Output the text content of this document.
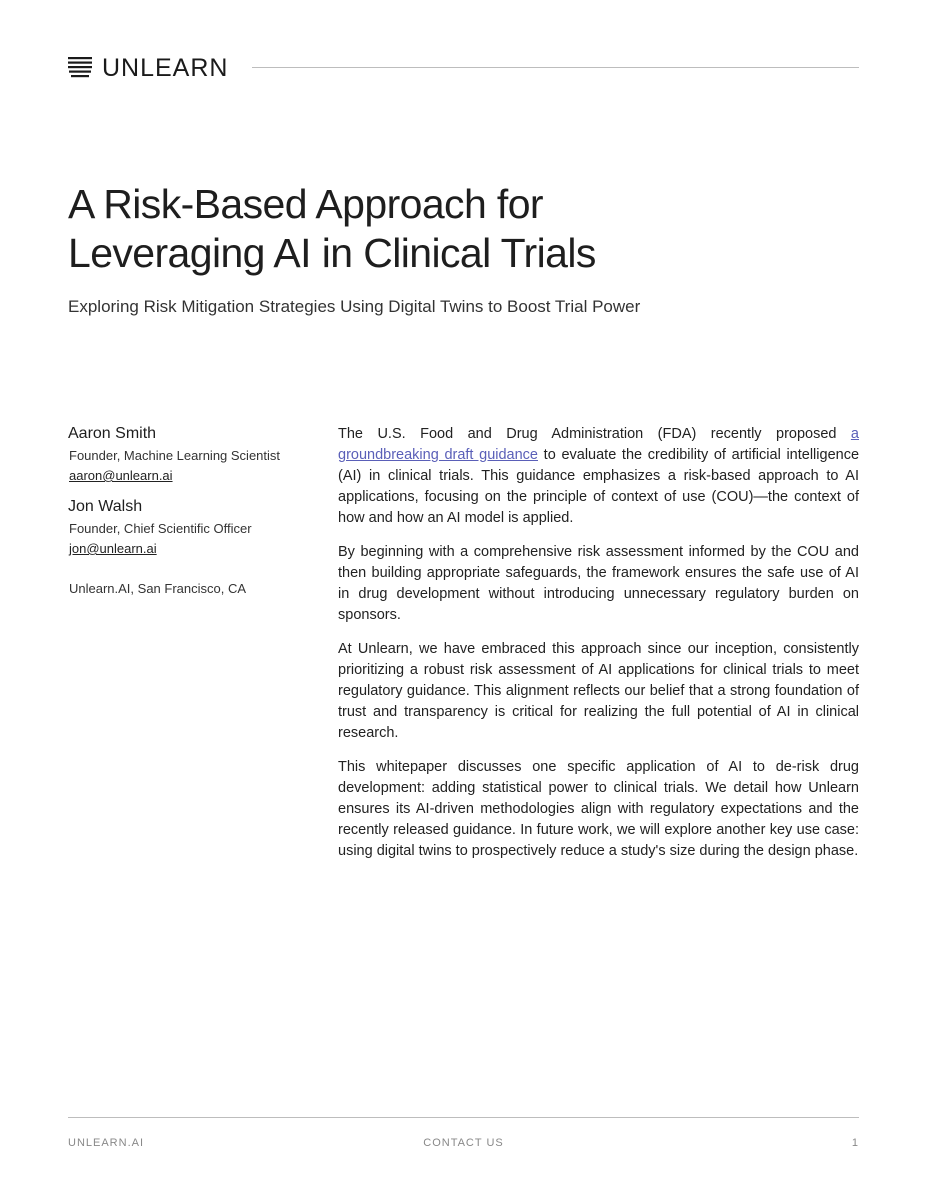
UNLEARN
A Risk-Based Approach for
Leveraging AI in Clinical Trials

Exploring Risk Mitigation Strategies Using Digital Twins to Boost Trial Power

Aaron Smith
Founder, Machine Learning Scientist
aaron@unlearn.ai
Jon Walsh
Founder, Chief Scientific Officer
jon@unlearn.ai
Unlearn.AI, San Francisco, CA

The U.S. Food and Drug Administration (FDA) recently proposed a groundbreaking draft guidance to evaluate the credibility of artificial intelligence (AI) in clinical trials. This guidance emphasizes a risk-based approach to AI applications, focusing on the principle of context of use (COU)—the context of how and how an AI model is applied.

By beginning with a comprehensive risk assessment informed by the COU and then building appropriate safeguards, the framework ensures the safe use of AI in drug development without introducing unnecessary regulatory burden on sponsors.

At Unlearn, we have embraced this approach since our inception, consistently prioritizing a robust risk assessment of AI applications for clinical trials to meet regulatory guidance. This alignment reflects our belief that a strong foundation of trust and transparency is critical for realizing the full potential of AI in clinical research.

This whitepaper discusses one specific application of AI to de-risk drug development: adding statistical power to clinical trials. We detail how Unlearn ensures its AI-driven methodologies align with regulatory expectations and the recently released guidance. In future work, we will explore another key use case: using digital twins to prospectively reduce a study's size during the design phase.

UNLEARN.AI	CONTACT US	1
